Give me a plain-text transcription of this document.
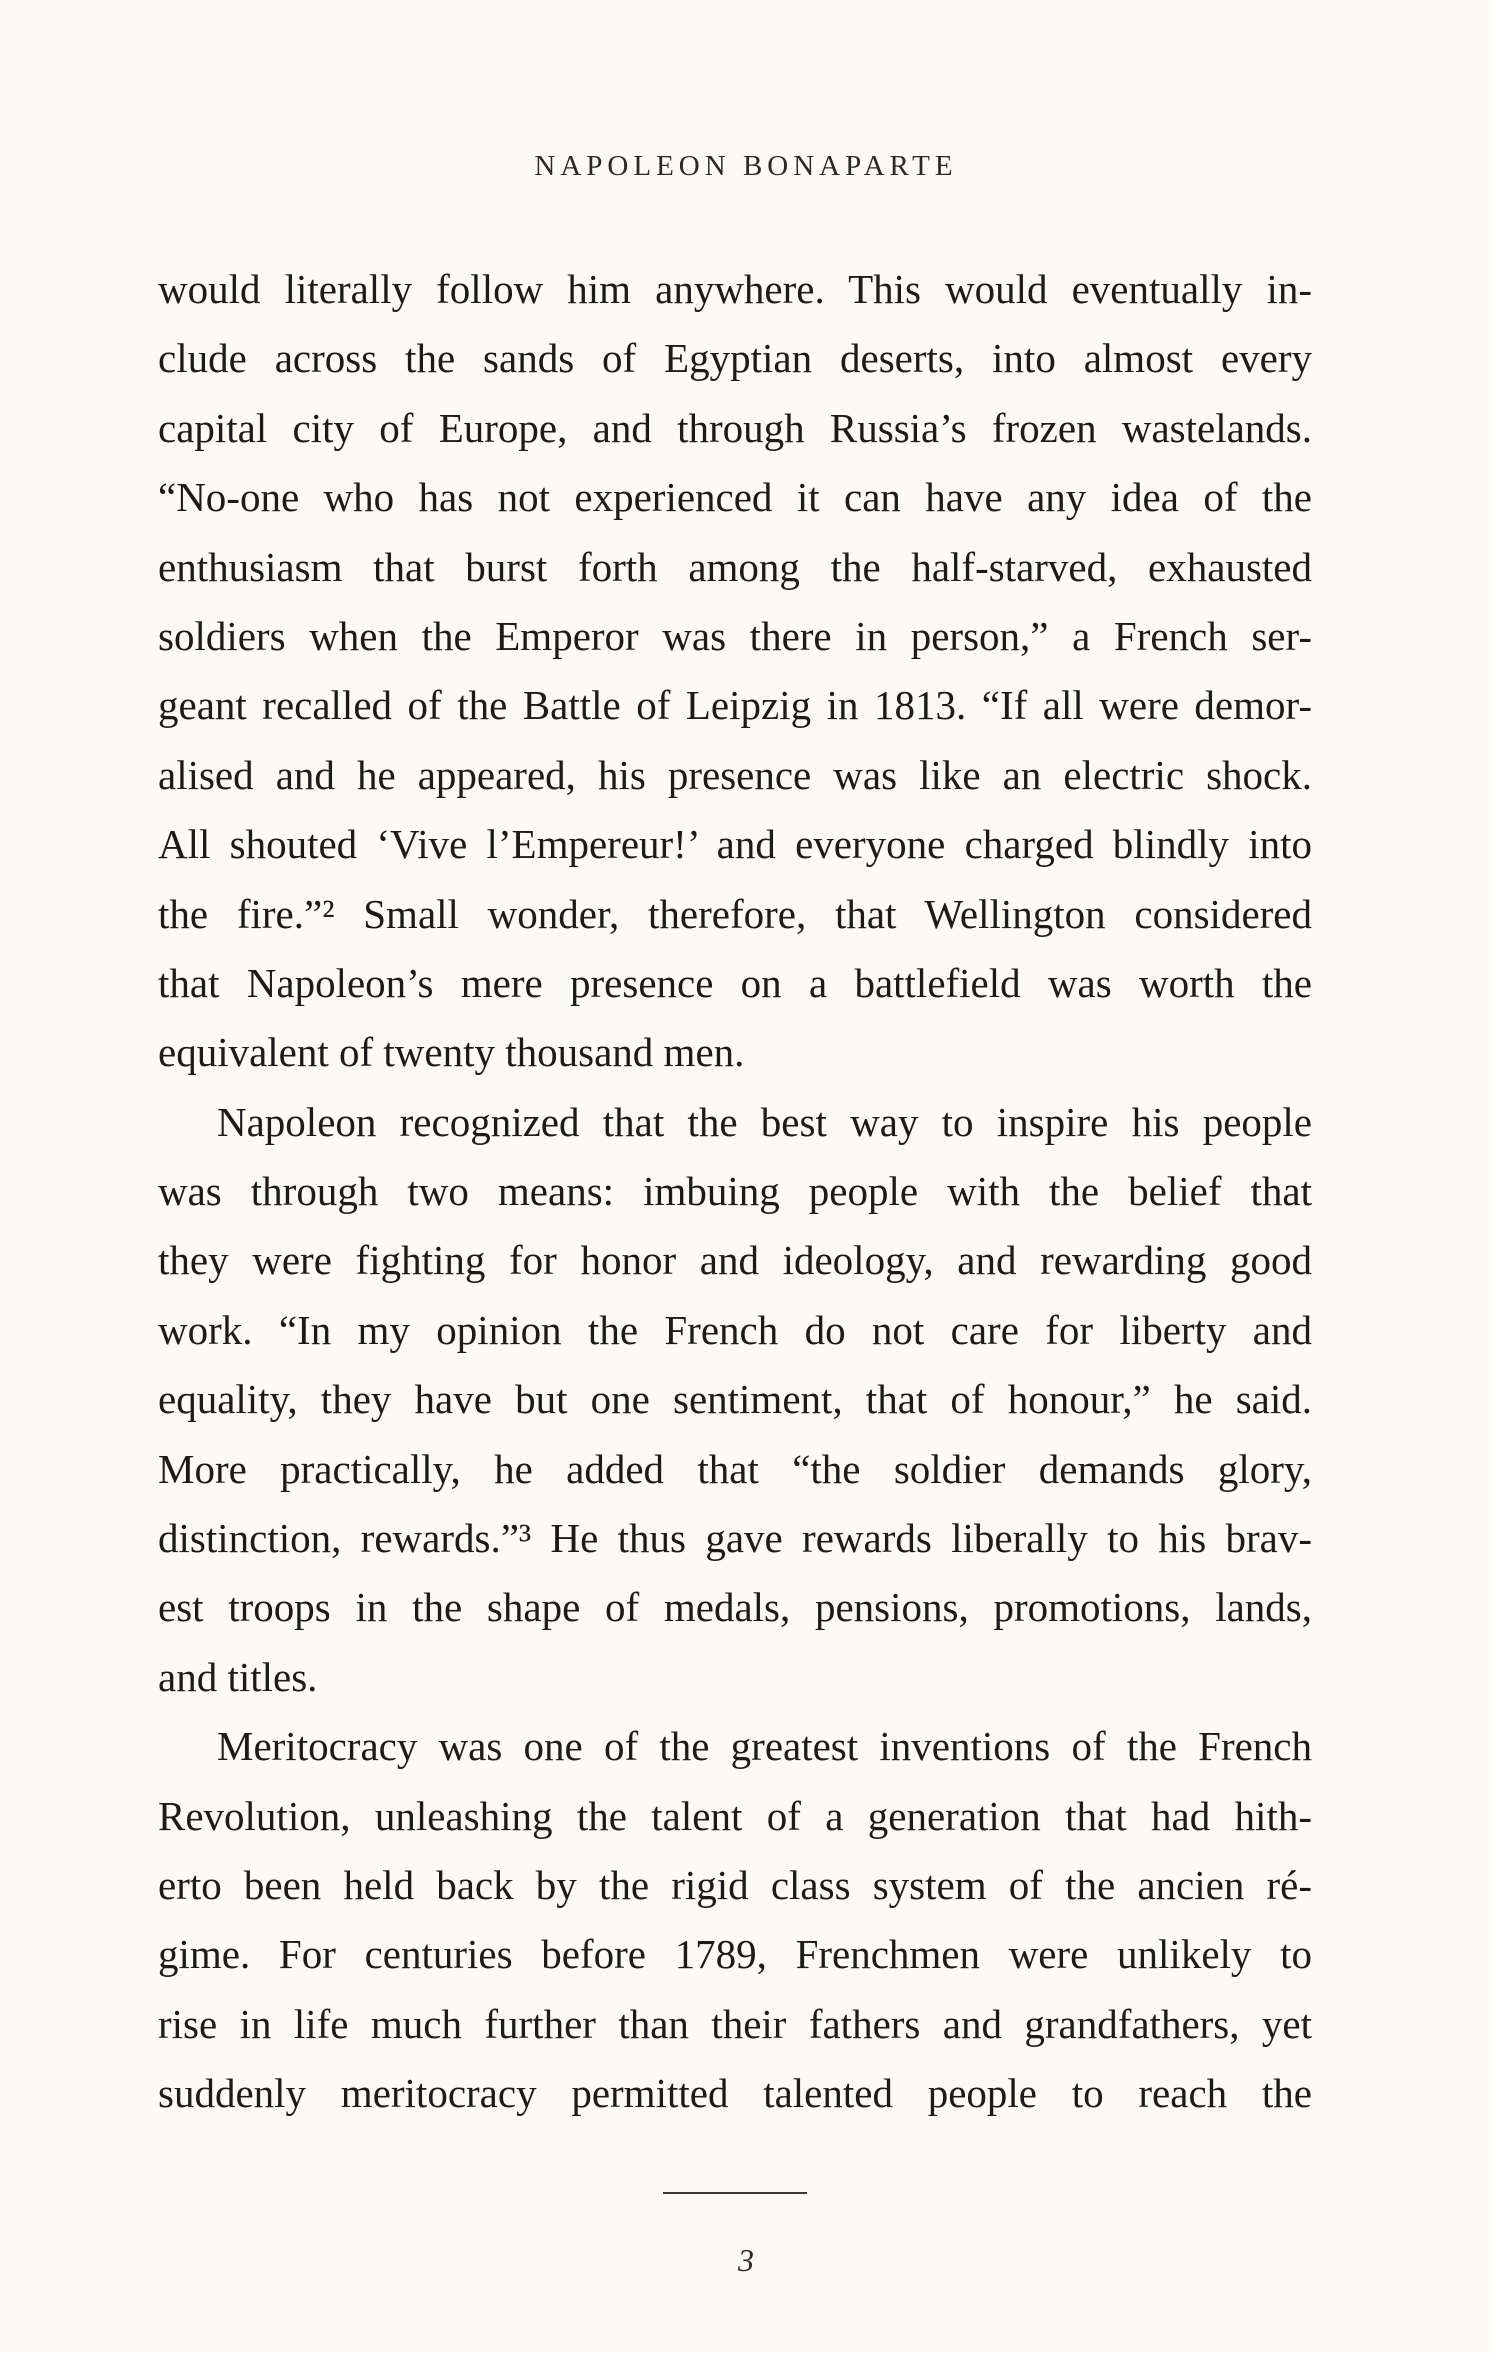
NAPOLEON BONAPARTE
would literally follow him anywhere. This would eventually in-
clude across the sands of Egyptian deserts, into almost every
capital city of Europe, and through Russia’s frozen wastelands.
“No-one who has not experienced it can have any idea of the
enthusiasm that burst forth among the half-starved, exhausted
soldiers when the Emperor was there in person,” a French ser-
geant recalled of the Battle of Leipzig in 1813. “If all were demor-
alised and he appeared, his presence was like an electric shock.
All shouted ‘Vive l’Empereur!’ and everyone charged blindly into
the fire.”² Small wonder, therefore, that Wellington considered
that Napoleon’s mere presence on a battlefield was worth the
equivalent of twenty thousand men.
Napoleon recognized that the best way to inspire his people
was through two means: imbuing people with the belief that
they were fighting for honor and ideology, and rewarding good
work. “In my opinion the French do not care for liberty and
equality, they have but one sentiment, that of honour,” he said.
More practically, he added that “the soldier demands glory,
distinction, rewards.”³ He thus gave rewards liberally to his brav-
est troops in the shape of medals, pensions, promotions, lands,
and titles.
Meritocracy was one of the greatest inventions of the French
Revolution, unleashing the talent of a generation that had hith-
erto been held back by the rigid class system of the ancien ré-
gime. For centuries before 1789, Frenchmen were unlikely to
rise in life much further than their fathers and grandfathers, yet
suddenly meritocracy permitted talented people to reach the
3
